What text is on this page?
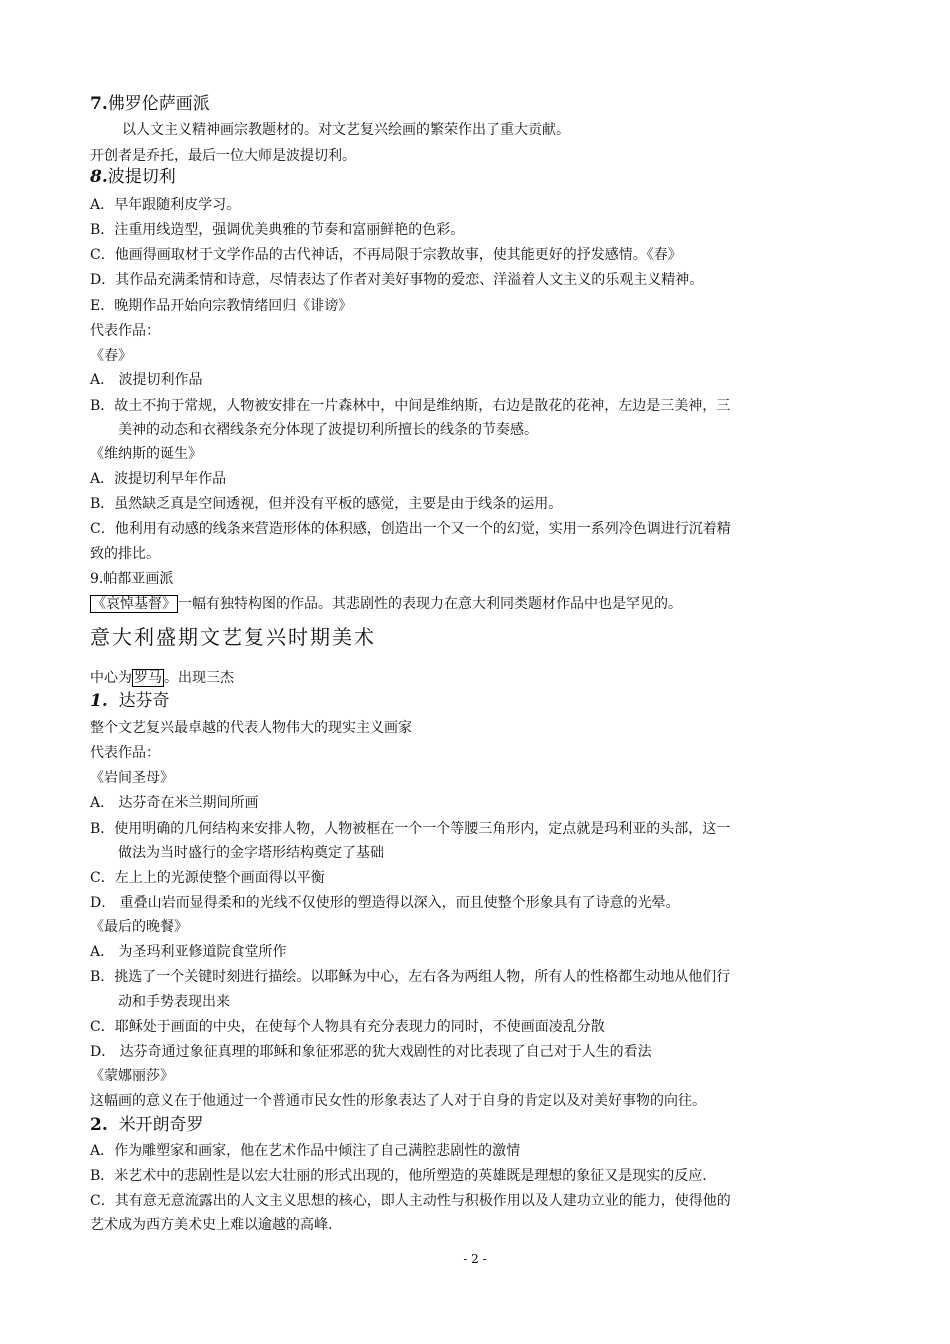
7.佛罗伦萨画派
以人文主义精神画宗教题材的。对文艺复兴绘画的繁荣作出了重大贡献。
开创者是乔托，最后一位大师是波提切利。
8.波提切利
A．早年跟随利皮学习。
B．注重用线造型，强调优美典雅的节奏和富丽鲜艳的色彩。
C．他画得画取材于文学作品的古代神话，不再局限于宗教故事，使其能更好的抒发感情。《春》
D．其作品充满柔情和诗意，尽情表达了作者对美好事物的爱恋、洋溢着人文主义的乐观主义精神。
E．晚期作品开始向宗教情绪回归《诽谤》
代表作品：
《春》
A． 波提切利作品
B．故土不拘于常规，人物被安排在一片森林中，中间是维纳斯，右边是散花的花神，左边是三美神，三
美神的动态和衣褶线条充分体现了波提切利所擅长的线条的节奏感。
《维纳斯的诞生》
A．波提切利早年作品
B．虽然缺乏真是空间透视，但并没有平板的感觉，主要是由于线条的运用。
C．他利用有动感的线条来营造形体的体积感，创造出一个又一个的幻觉，实用一系列冷色调进行沉着精
致的排比。
9.帕都亚画派
《哀悼基督》 一幅有独特构图的作品。其悲剧性的表现力在意大利同类题材作品中也是罕见的。
意大利盛期文艺复兴时期美术
中心为 罗马 。出现三杰
1. 达芬奇
整个文艺复兴最卓越的代表人物伟大的现实主义画家
代表作品：
《岩间圣母》
A． 达芬奇在米兰期间所画
B．使用明确的几何结构来安排人物，人物被框在一个一个等腰三角形内，定点就是玛利亚的头部，这一
做法为当时盛行的金字塔形结构奠定了基础
C．左上上的光源使整个画面得以平衡
D． 重叠山岩而显得柔和的光线不仅使形的塑造得以深入，而且使整个形象具有了诗意的光晕。
《最后的晚餐》
A． 为圣玛利亚修道院食堂所作
B．挑选了一个关键时刻进行描绘。以耶稣为中心，左右各为两组人物，所有人的性格都生动地从他们行
动和手势表现出来
C．耶稣处于画面的中央，在使每个人物具有充分表现力的同时，不使画面凌乱分散
D． 达芬奇通过象征真理的耶稣和象征邪恶的犹大戏剧性的对比表现了自己对于人生的看法
《蒙娜丽莎》
这幅画的意义在于他通过一个普通市民女性的形象表达了人对于自身的肯定以及对美好事物的向往。
2. 米开朗奇罗
A．作为雕塑家和画家，他在艺术作品中倾注了自己满腔悲剧性的激情
B．米艺术中的悲剧性是以宏大壮丽的形式出现的，他所塑造的英雄既是理想的象征又是现实的反应.
C．其有意无意流露出的人文主义思想的核心，即人主动性与积极作用以及人建功立业的能力，使得他的
艺术成为西方美术史上难以逾越的高峰.
- 2 -
